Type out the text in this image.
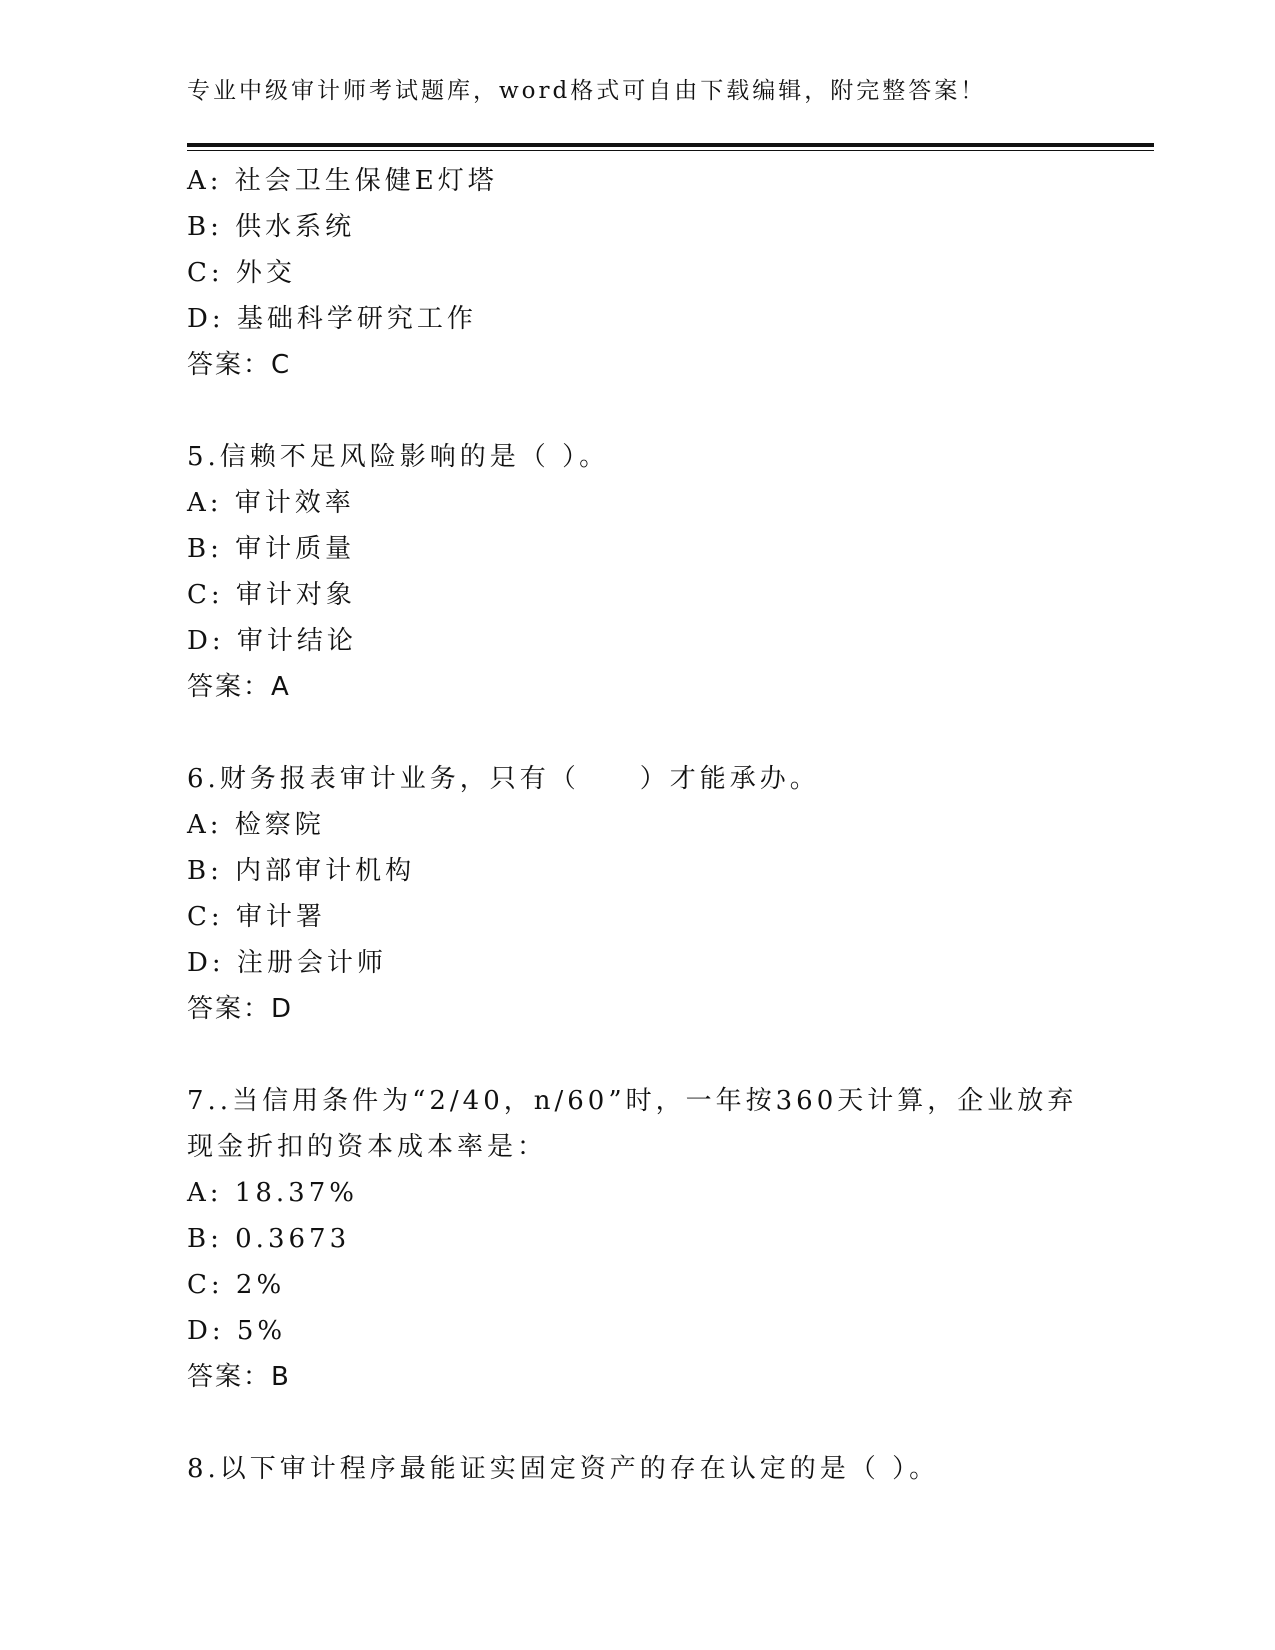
专业中级审计师考试题库，word格式可自由下载编辑，附完整答案！
A: 社会卫生保健E灯塔
B: 供水系统
C: 外交
D: 基础科学研究工作
答案：C
5.信赖不足风险影响的是（ ）。
A: 审计效率
B: 审计质量
C: 审计对象
D: 审计结论
答案：A
6.财务报表审计业务，只有（　　）才能承办。
A: 检察院
B: 内部审计机构
C: 审计署
D: 注册会计师
答案：D
7..当信用条件为“2/40，n/60”时，一年按360天计算，企业放弃现金折扣的资本成本率是：
A: 18.37%
B: 0.3673
C: 2%
D: 5%
答案：B
8.以下审计程序最能证实固定资产的存在认定的是（ ）。
